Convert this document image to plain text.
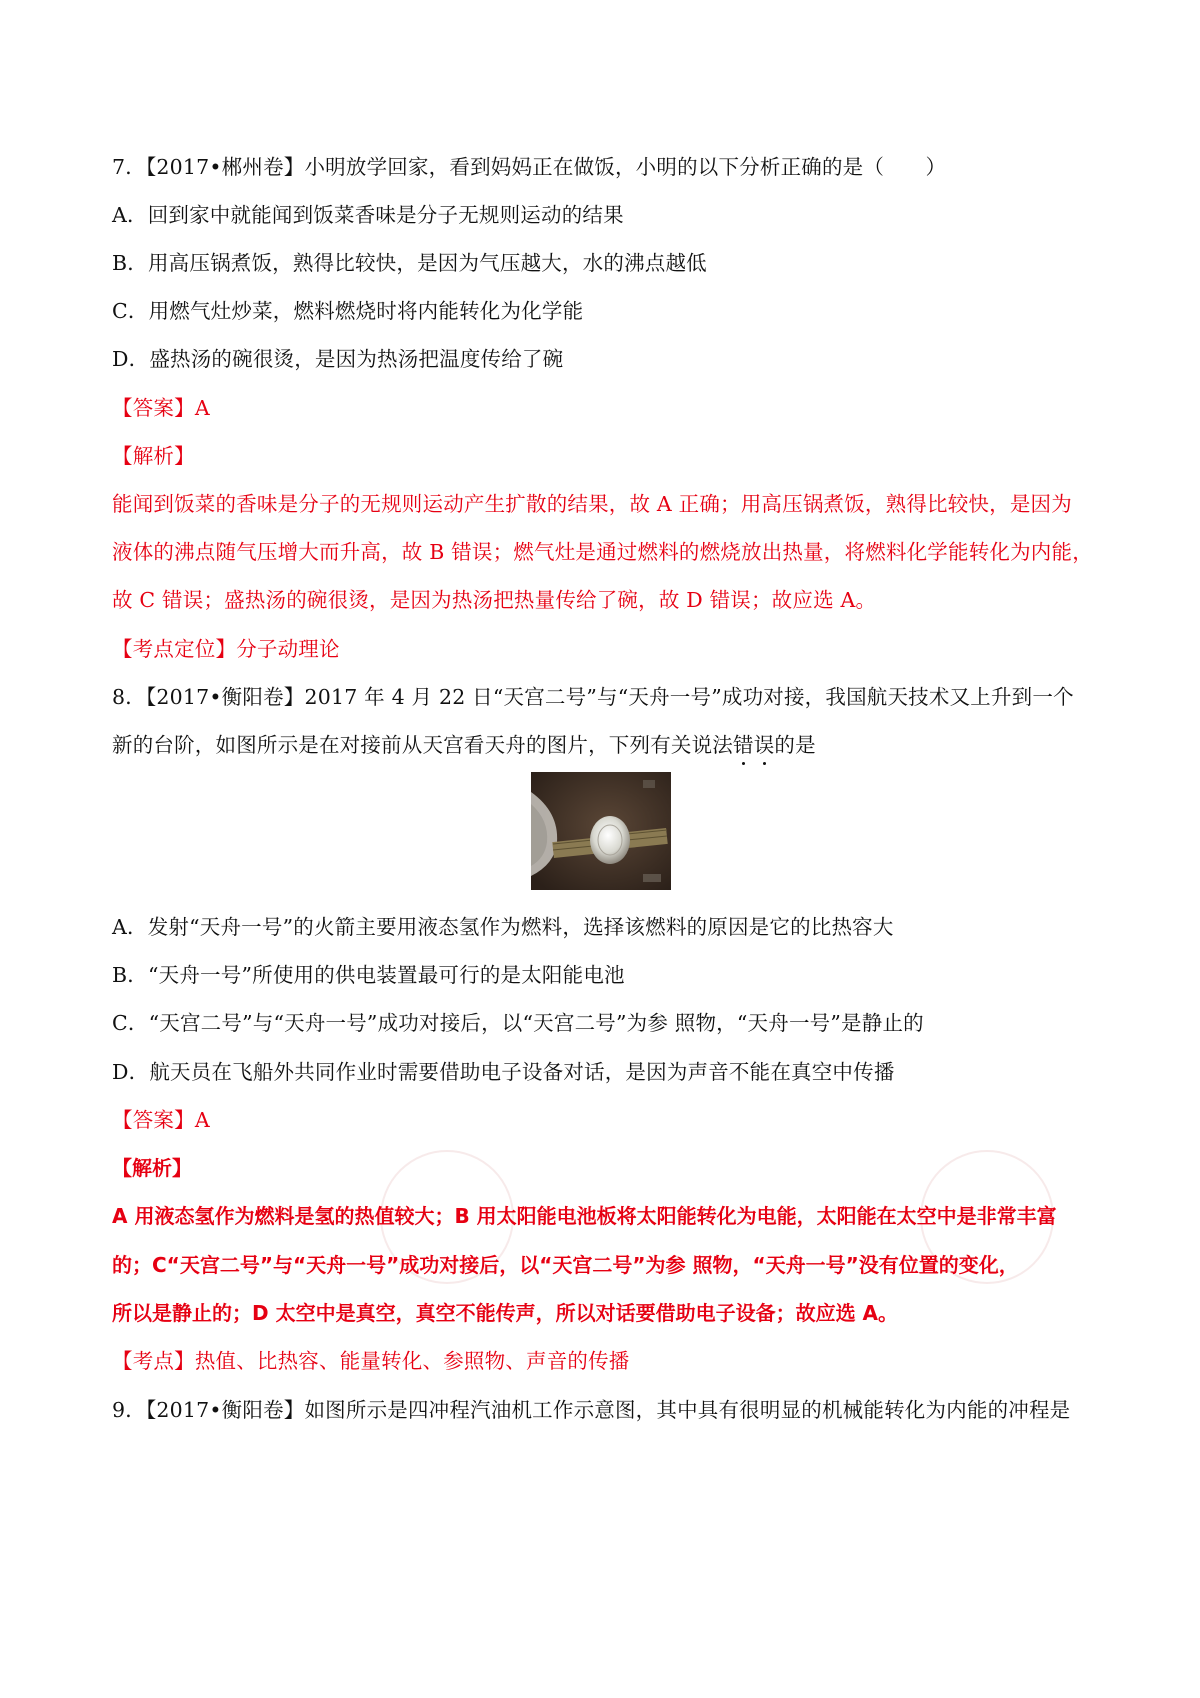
7．【2017•郴州卷】小明放学回家，看到妈妈正在做饭，小明的以下分析正确的是（　　）
A．回到家中就能闻到饭菜香味是分子无规则运动的结果
B．用高压锅煮饭，熟得比较快，是因为气压越大，水的沸点越低
C．用燃气灶炒菜，燃料燃烧时将内能转化为化学能
D．盛热汤的碗很烫，是因为热汤把温度传给了碗
【答案】A
【解析】
能闻到饭菜的香味是分子的无规则运动产生扩散的结果，故 A 正确；用高压锅煮饭，熟得比较快，是因为
液体的沸点随气压增大而升高，故 B 错误；燃气灶是通过燃料的燃烧放出热量，将燃料化学能转化为内能，
故 C 错误；盛热汤的碗很烫，是因为热汤把热量传给了碗，故 D 错误；故应选 A。
【考点定位】分子动理论
8．【2017•衡阳卷】2017 年 4 月 22 日“天宫二号”与“天舟一号”成功对接，我国航天技术又上升到一个
新的台阶，如图所示是在对接前从天宫看天舟的图片，下列有关说法错误的是
A．发射“天舟一号”的火箭主要用液态氢作为燃料，选择该燃料的原因是它的比热容大
B．“天舟一号”所使用的供电装置最可行的是太阳能电池
C．“天宫二号”与“天舟一号”成功对接后，以“天宫二号”为参 照物，“天舟一号”是静止的
D．航天员在飞船外共同作业时需要借助电子设备对话，是因为声音不能在真空中传播
【答案】A
【解析】
A 用液态氢作为燃料是氢的热值较大；B 用太阳能电池板将太阳能转化为电能，太阳能在太空中是非常丰富
的；C“天宫二号”与“天舟一号”成功对接后，以“天宫二号”为参 照物，“天舟一号”没有位置的变化，
所以是静止的；D 太空中是真空，真空不能传声，所以对话要借助电子设备；故应选 A。
【考点】热值、比热容、能量转化、参照物、声音的传播
9．【2017•衡阳卷】如图所示是四冲程汽油机工作示意图，其中具有很明显的机械能转化为内能的冲程是
